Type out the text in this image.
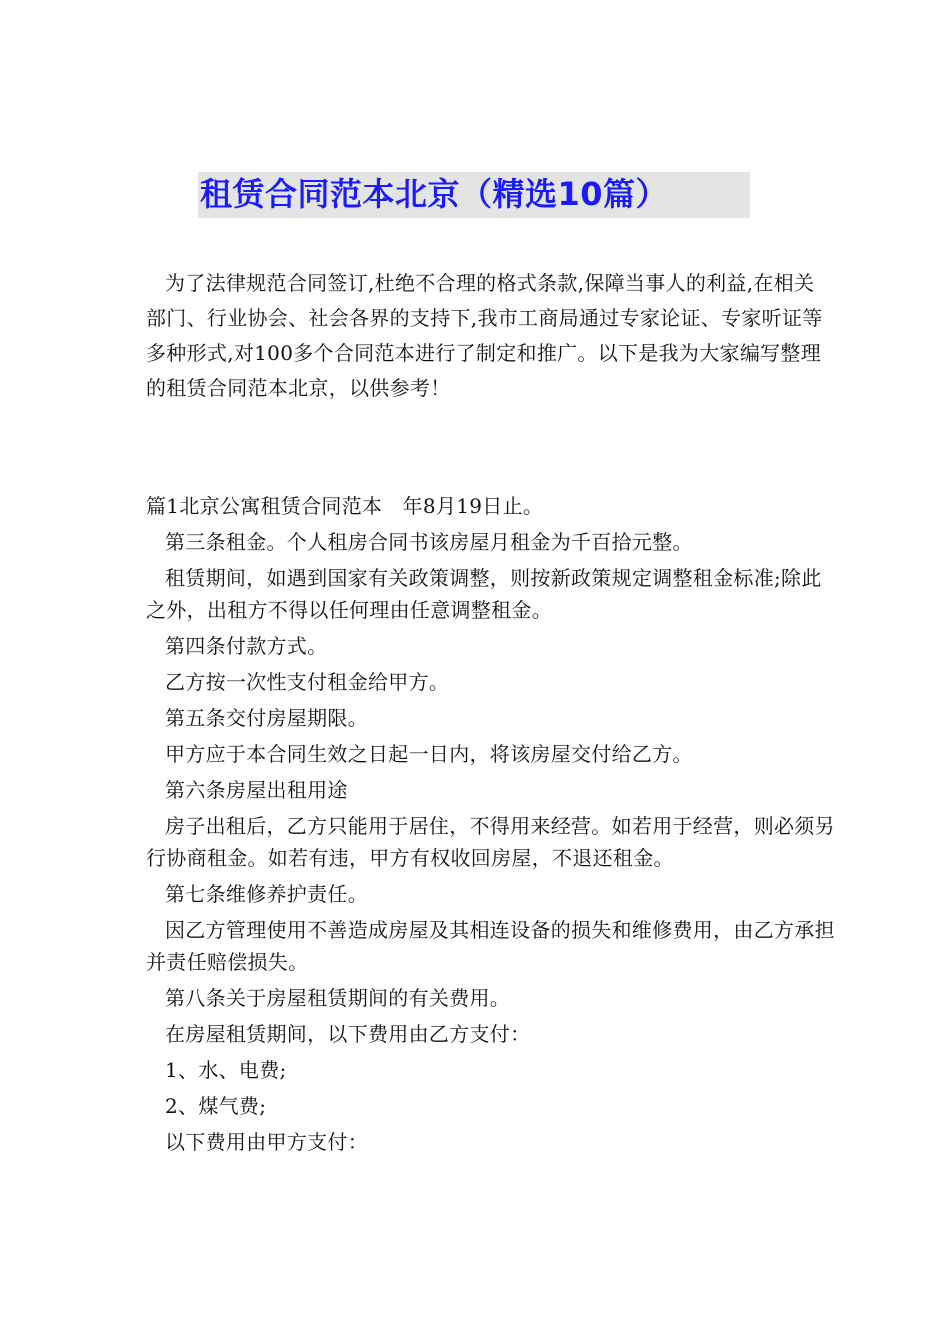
租赁合同范本北京（精选10篇）

为了法律规范合同签订,杜绝不合理的格式条款,保障当事人的利益,在相关部门、行业协会、社会各界的支持下,我市工商局通过专家论证、专家听证等多种形式,对100多个合同范本进行了制定和推广。以下是我为大家编写整理的租赁合同范本北京，以供参考！

篇1北京公寓租赁合同范本　年8月19日止。

第三条租金。个人租房合同书该房屋月租金为千百拾元整。

租赁期间，如遇到国家有关政策调整，则按新政策规定调整租金标准;除此之外，出租方不得以任何理由任意调整租金。

第四条付款方式。

乙方按一次性支付租金给甲方。

第五条交付房屋期限。

甲方应于本合同生效之日起一日内，将该房屋交付给乙方。

第六条房屋出租用途

房子出租后，乙方只能用于居住，不得用来经营。如若用于经营，则必须另行协商租金。如若有违，甲方有权收回房屋，不退还租金。

第七条维修养护责任。

因乙方管理使用不善造成房屋及其相连设备的损失和维修费用，由乙方承担并责任赔偿损失。

第八条关于房屋租赁期间的有关费用。

在房屋租赁期间，以下费用由乙方支付：

1、水、电费;

2、煤气费;

以下费用由甲方支付：
